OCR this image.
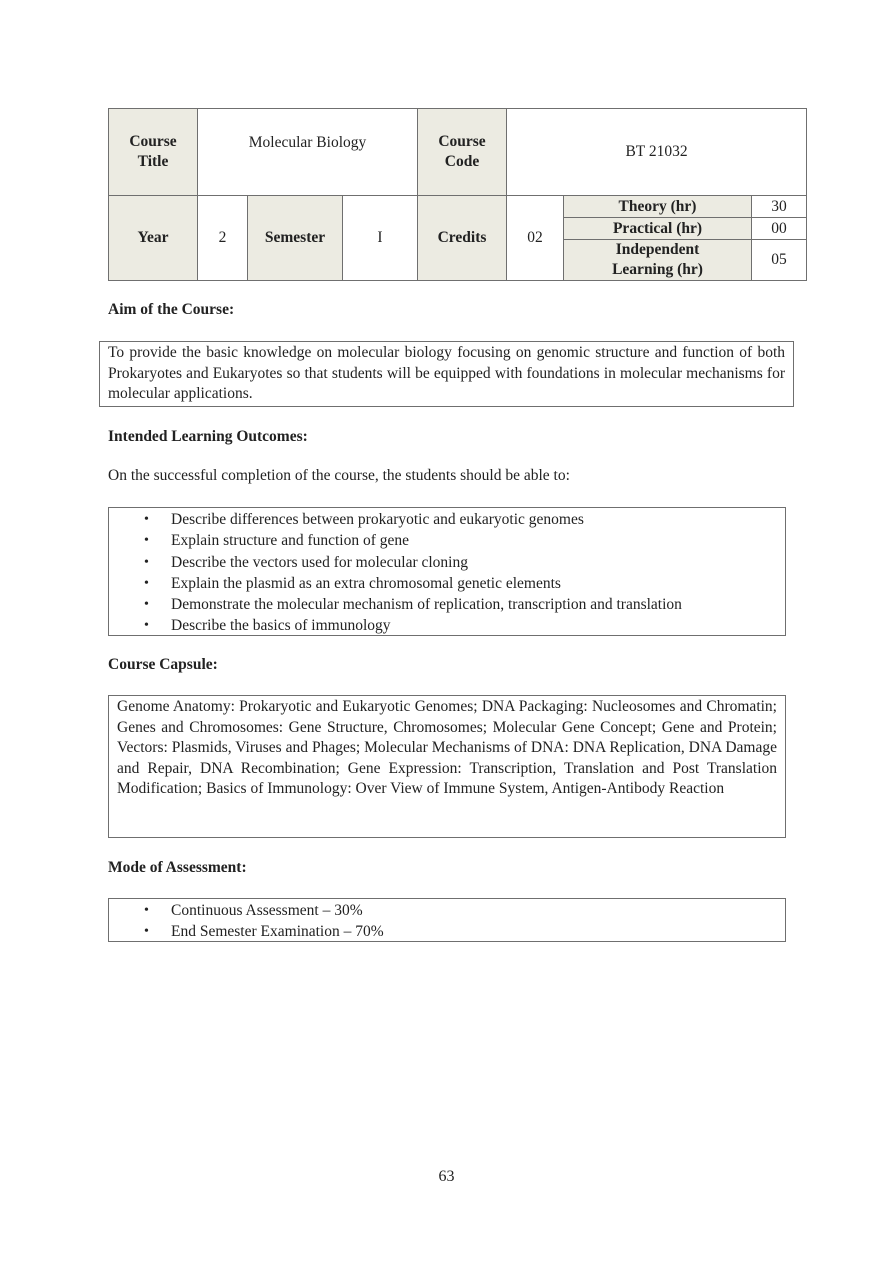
Course Title	Molecular Biology			Course Code	BT 21032		
Year	2	Semester	I	Credits	02	Theory (hr)	30
						Practical (hr)	00
						Independent Learning (hr)	05
Aim of the Course:

To provide the basic knowledge on molecular biology focusing on genomic structure and function of both Prokaryotes and Eukaryotes so that students will be equipped with foundations in molecular mechanisms for molecular applications.

Intended Learning Outcomes:
On the successful completion of the course, the students should be able to:
• Describe differences between prokaryotic and eukaryotic genomes
• Explain structure and function of gene
• Describe the vectors used for molecular cloning
• Explain the plasmid as an extra chromosomal genetic elements
• Demonstrate the molecular mechanism of replication, transcription and translation
• Describe the basics of immunology
Course Capsule:

Genome Anatomy: Prokaryotic and Eukaryotic Genomes; DNA Packaging: Nucleosomes and Chromatin; Genes and Chromosomes: Gene Structure, Chromosomes; Molecular Gene Concept; Gene and Protein; Vectors: Plasmids, Viruses and Phages; Molecular Mechanisms of DNA: DNA Replication, DNA Damage and Repair, DNA Recombination; Gene Expression: Transcription, Translation and Post Translation Modification; Basics of Immunology: Over View of Immune System, Antigen-Antibody Reaction

Mode of Assessment:
• Continuous Assessment – 30%
• End Semester Examination – 70%
63
